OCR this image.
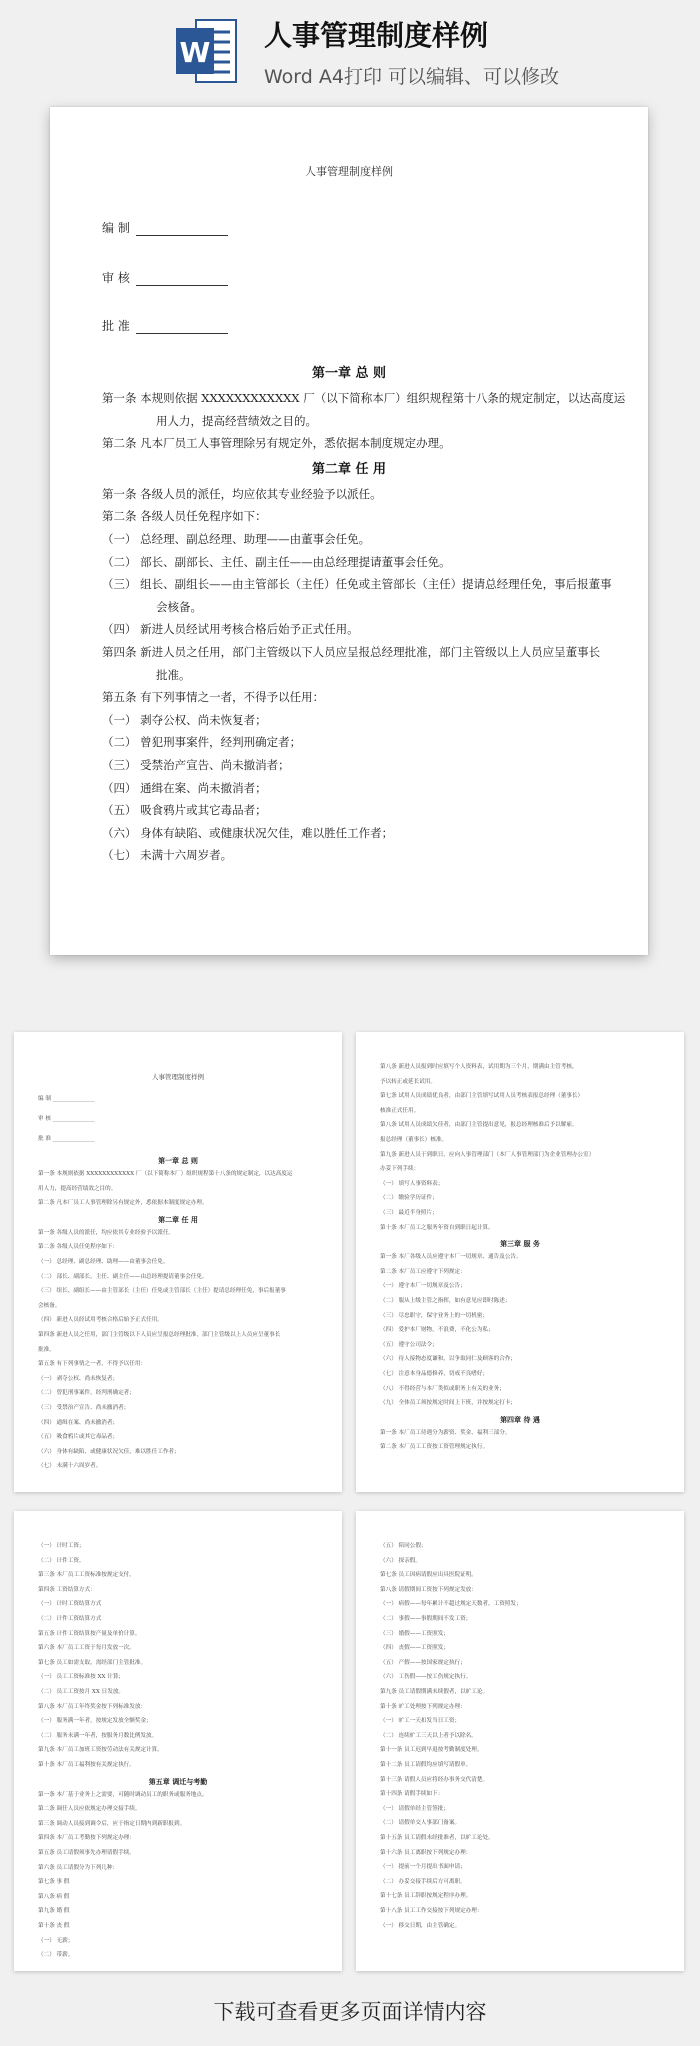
W
人事管理制度样例
Word A4打印 可以编辑、可以修改
人事管理制度样例
编 制
审 核
批 准
第一章 总 则
第一条 本规则依据 XXXXXXXXXXXX 厂（以下简称本厂）组织规程第十八条的规定制定，以达高度运
用人力，提高经营绩效之目的。
第二条 凡本厂员工人事管理除另有规定外，悉依据本制度规定办理。
第二章 任 用
第一条 各级人员的派任，均应依其专业经验予以派任。
第二条 各级人员任免程序如下：
（一） 总经理、副总经理、助理——由董事会任免。
（二） 部长、副部长、主任、副主任——由总经理提请董事会任免。
（三） 组长、副组长——由主管部长（主任）任免或主管部长（主任）提请总经理任免，事后报董事
会核备。
（四） 新进人员经试用考核合格后始予正式任用。
第四条 新进人员之任用，部门主管级以下人员应呈报总经理批准，部门主管级以上人员应呈董事长
批准。
第五条 有下列事情之一者，不得予以任用：
（一） 剥夺公权、尚未恢复者；
（二） 曾犯刑事案件，经判刑确定者；
（三） 受禁治产宣告、尚未撤消者；
（四） 通缉在案、尚未撤消者；
（五） 吸食鸦片或其它毒品者；
（六） 身体有缺陷、或健康状况欠佳，难以胜任工作者；
（七） 未满十六周岁者。
人事管理制度样例
编 制 _______________
审 核 _______________
批 准 _______________
第一章 总 则
第一条 本规则依据 XXXXXXXXXXXX 厂（以下简称本厂）组织规程第十八条的规定制定，以达高度运
用人力，提高经营绩效之目的。
第二条 凡本厂员工人事管理除另有规定外，悉依据本制度规定办理。
第二章 任 用
第一条 各级人员的派任，均应依其专业经验予以派任。
第二条 各级人员任免程序如下：
（一） 总经理、副总经理、助理——由董事会任免。
（二） 部长、副部长、主任、副主任——由总经理提请董事会任免。
（三） 组长、副组长——由主管部长（主任）任免或主管部长（主任）提请总经理任免，事后报董事
会核备。
（四） 新进人员经试用考核合格后始予正式任用。
第四条 新进人员之任用，部门主管级以下人员应呈报总经理批准，部门主管级以上人员应呈董事长
批准。
第五条 有下列事情之一者，不得予以任用：
（一） 剥夺公权、尚未恢复者；
（二） 曾犯刑事案件，经判刑确定者；
（三） 受禁治产宣告、尚未撤消者；
（四） 通缉在案、尚未撤消者；
（五） 吸食鸦片或其它毒品者；
（六） 身体有缺陷、或健康状况欠佳，难以胜任工作者；
（七） 未满十六周岁者。
第八条 新进人员报到时应填写个人资料表，试用期为三个月，期满由主管考核。
予以转正或延长试用。
第七条 试用人员成绩优良者，由部门主管填写试用人员考核表报总经理（董事长）
核准正式任用。
第八条 试用人员成绩欠佳者，由部门主管提出意见，报总经理核准后予以解雇。
报总经理（董事长）核准。
第九条 新进人员于到职日，应向人事管理部门（本厂人事管理部门为企业管理办公室）
办妥下列手续：
（一） 填写人事资料表；
（二） 缴验学历证件；
（三） 最近半身照片；
第十条 本厂员工之服务年资自到职日起计算。
第三章 服 务
第一条 本厂各级人员应遵守本厂一切规章、通告及公告。
第二条 本厂员工应遵守下列规定：
（一） 遵守本厂一切规章及公告；
（二） 服从上级主管之指挥，如有意见应即时陈述；
（三） 尽忠职守，保守业务上的一切机密；
（四） 爱护本厂财物，不浪费，不化公为私；
（五） 遵守公司法令；
（六） 待人接物态度谦和，以争取同仁及顾客的合作；
（七） 注意本身品德修养，切戒不良嗜好；
（八） 不得经营与本厂类似或职务上有关的业务；
（九） 全体员工须按规定时间上下班，并按规定打卡；
第四章 待 遇
第一条 本厂员工待遇分为薪资、奖金、福利三部分。
第二条 本厂员工工资按工资管理规定执行。
（一） 计时工资；
（二） 计件工资。
第三条 本厂员工工资标准按规定支付。
第四条 工资结算方式：
（一） 计时工资结算方式
（二） 计件工资结算方式
第五条 计件工资结算按产量及单价计算。
第六条 本厂员工工资于每月发放一次。
第七条 员工如需支取，需经部门主管批准。
（一） 员工工资标准按 XX 计算；
（二） 员工工资按月 XX 日发放。
第八条 本厂员工年终奖金按下列标准发放：
（一） 服务满一年者，按规定发放全额奖金；
（二） 服务未满一年者，按服务月数比例发放。
第九条 本厂员工加班工资按劳动法有关规定计算。
第十条 本厂员工福利按有关规定执行。
第五章 调迁与考勤
第一条 本厂基于业务上之需要，可随时调动员工的职务或服务地点。
第二条 调任人员应依规定办理交接手续。
第三条 调动人员接到调令后，应于指定日期内到新职报到。
第四条 本厂员工考勤按下列规定办理：
第五条 员工请假须事先办理请假手续。
第六条 员工请假分为下列几种：
第七条 事 假
第八条 病 假
第九条 婚 假
第十条 丧 假
（一） 无薪；
（二） 带薪。
（五） 陪同公假；
（六） 探亲假。
第七条 员工因病请假应出具医院证明。
第八条 请假期间工资按下列规定发放：
（一） 病假——每年累计不超过规定天数者，工资照发；
（二） 事假——事假期间不发工资；
（三） 婚假——工资照发；
（四） 丧假——工资照发；
（五） 产假——按国家规定执行；
（六） 工伤假——按工伤规定执行。
第九条 员工请假期满未续假者，以旷工论。
第十条 旷工处理按下列规定办理：
（一） 旷工一天扣发当日工资；
（二） 连续旷工三天以上者予以除名。
第十一条 员工迟到早退按考勤制度处理。
第十二条 员工请假均应填写请假单。
第十三条 请假人员应将经办事务交代清楚。
第十四条 请假手续如下：
（一） 请假单经主管签批；
（二） 请假单交人事部门备案。
第十五条 员工请假未经批准者，以旷工论处。
第十六条 员工离职按下列规定办理：
（一） 提前一个月提出书面申请；
（二） 办妥交接手续后方可离职。
第十七条 员工辞职按规定程序办理。
第十八条 员工工作交接按下列规定办理：
（一） 移交日期，由主管确定。
下载可查看更多页面详情内容
